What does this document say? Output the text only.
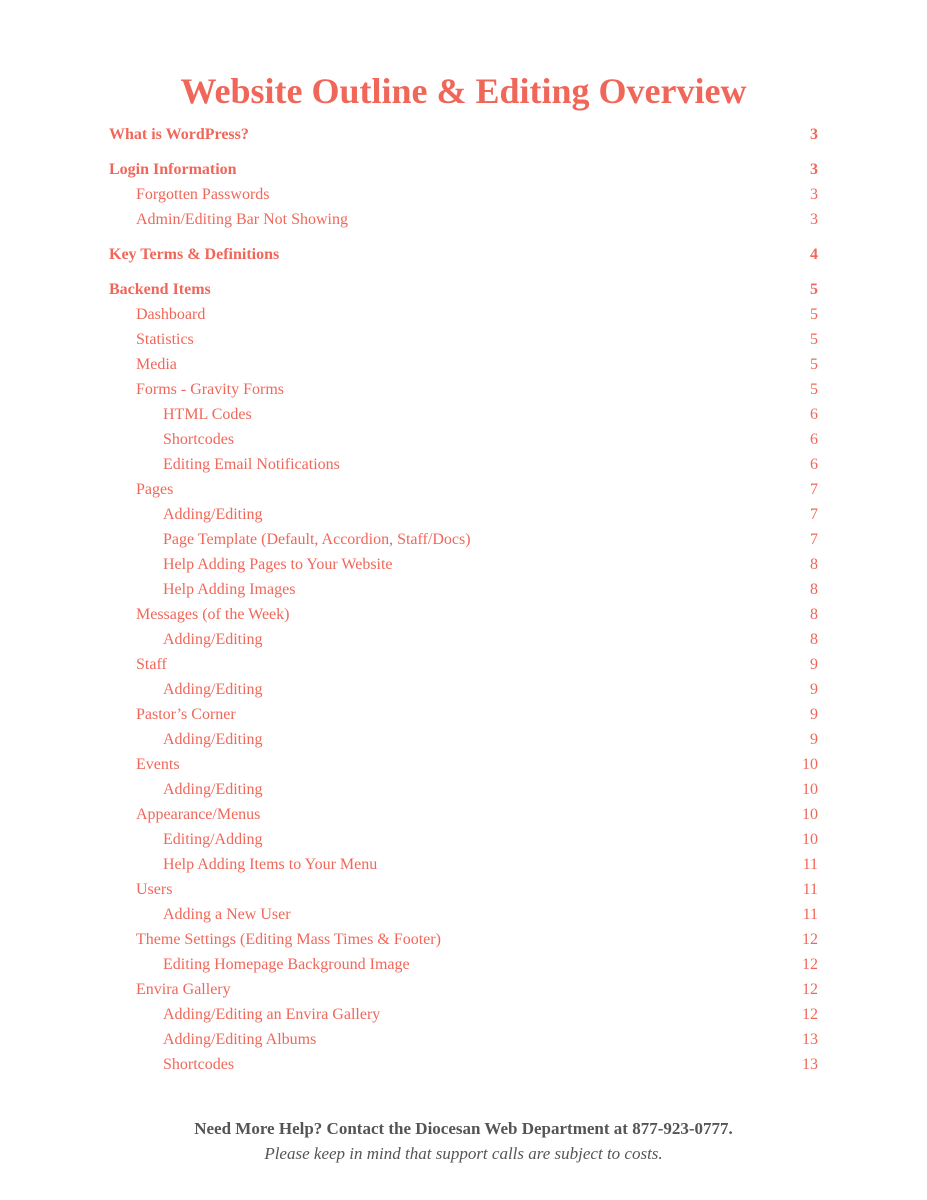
Website Outline & Editing Overview
What is WordPress?	3
Login Information	3
Forgotten Passwords	3
Admin/Editing Bar Not Showing	3
Key Terms & Definitions	4
Backend Items	5
Dashboard	5
Statistics	5
Media	5
Forms - Gravity Forms	5
HTML Codes	6
Shortcodes	6
Editing Email Notifications	6
Pages	7
Adding/Editing	7
Page Template (Default, Accordion, Staff/Docs)	7
Help Adding Pages to Your Website	8
Help Adding Images	8
Messages (of the Week)	8
Adding/Editing	8
Staff	9
Adding/Editing	9
Pastor’s Corner	9
Adding/Editing	9
Events	10
Adding/Editing	10
Appearance/Menus	10
Editing/Adding	10
Help Adding Items to Your Menu	11
Users	11
Adding a New User	11
Theme Settings (Editing Mass Times & Footer)	12
Editing Homepage Background Image	12
Envira Gallery	12
Adding/Editing an Envira Gallery	12
Adding/Editing Albums	13
Shortcodes	13
Need More Help? Contact the Diocesan Web Department at 877-923-0777.
Please keep in mind that support calls are subject to costs.
